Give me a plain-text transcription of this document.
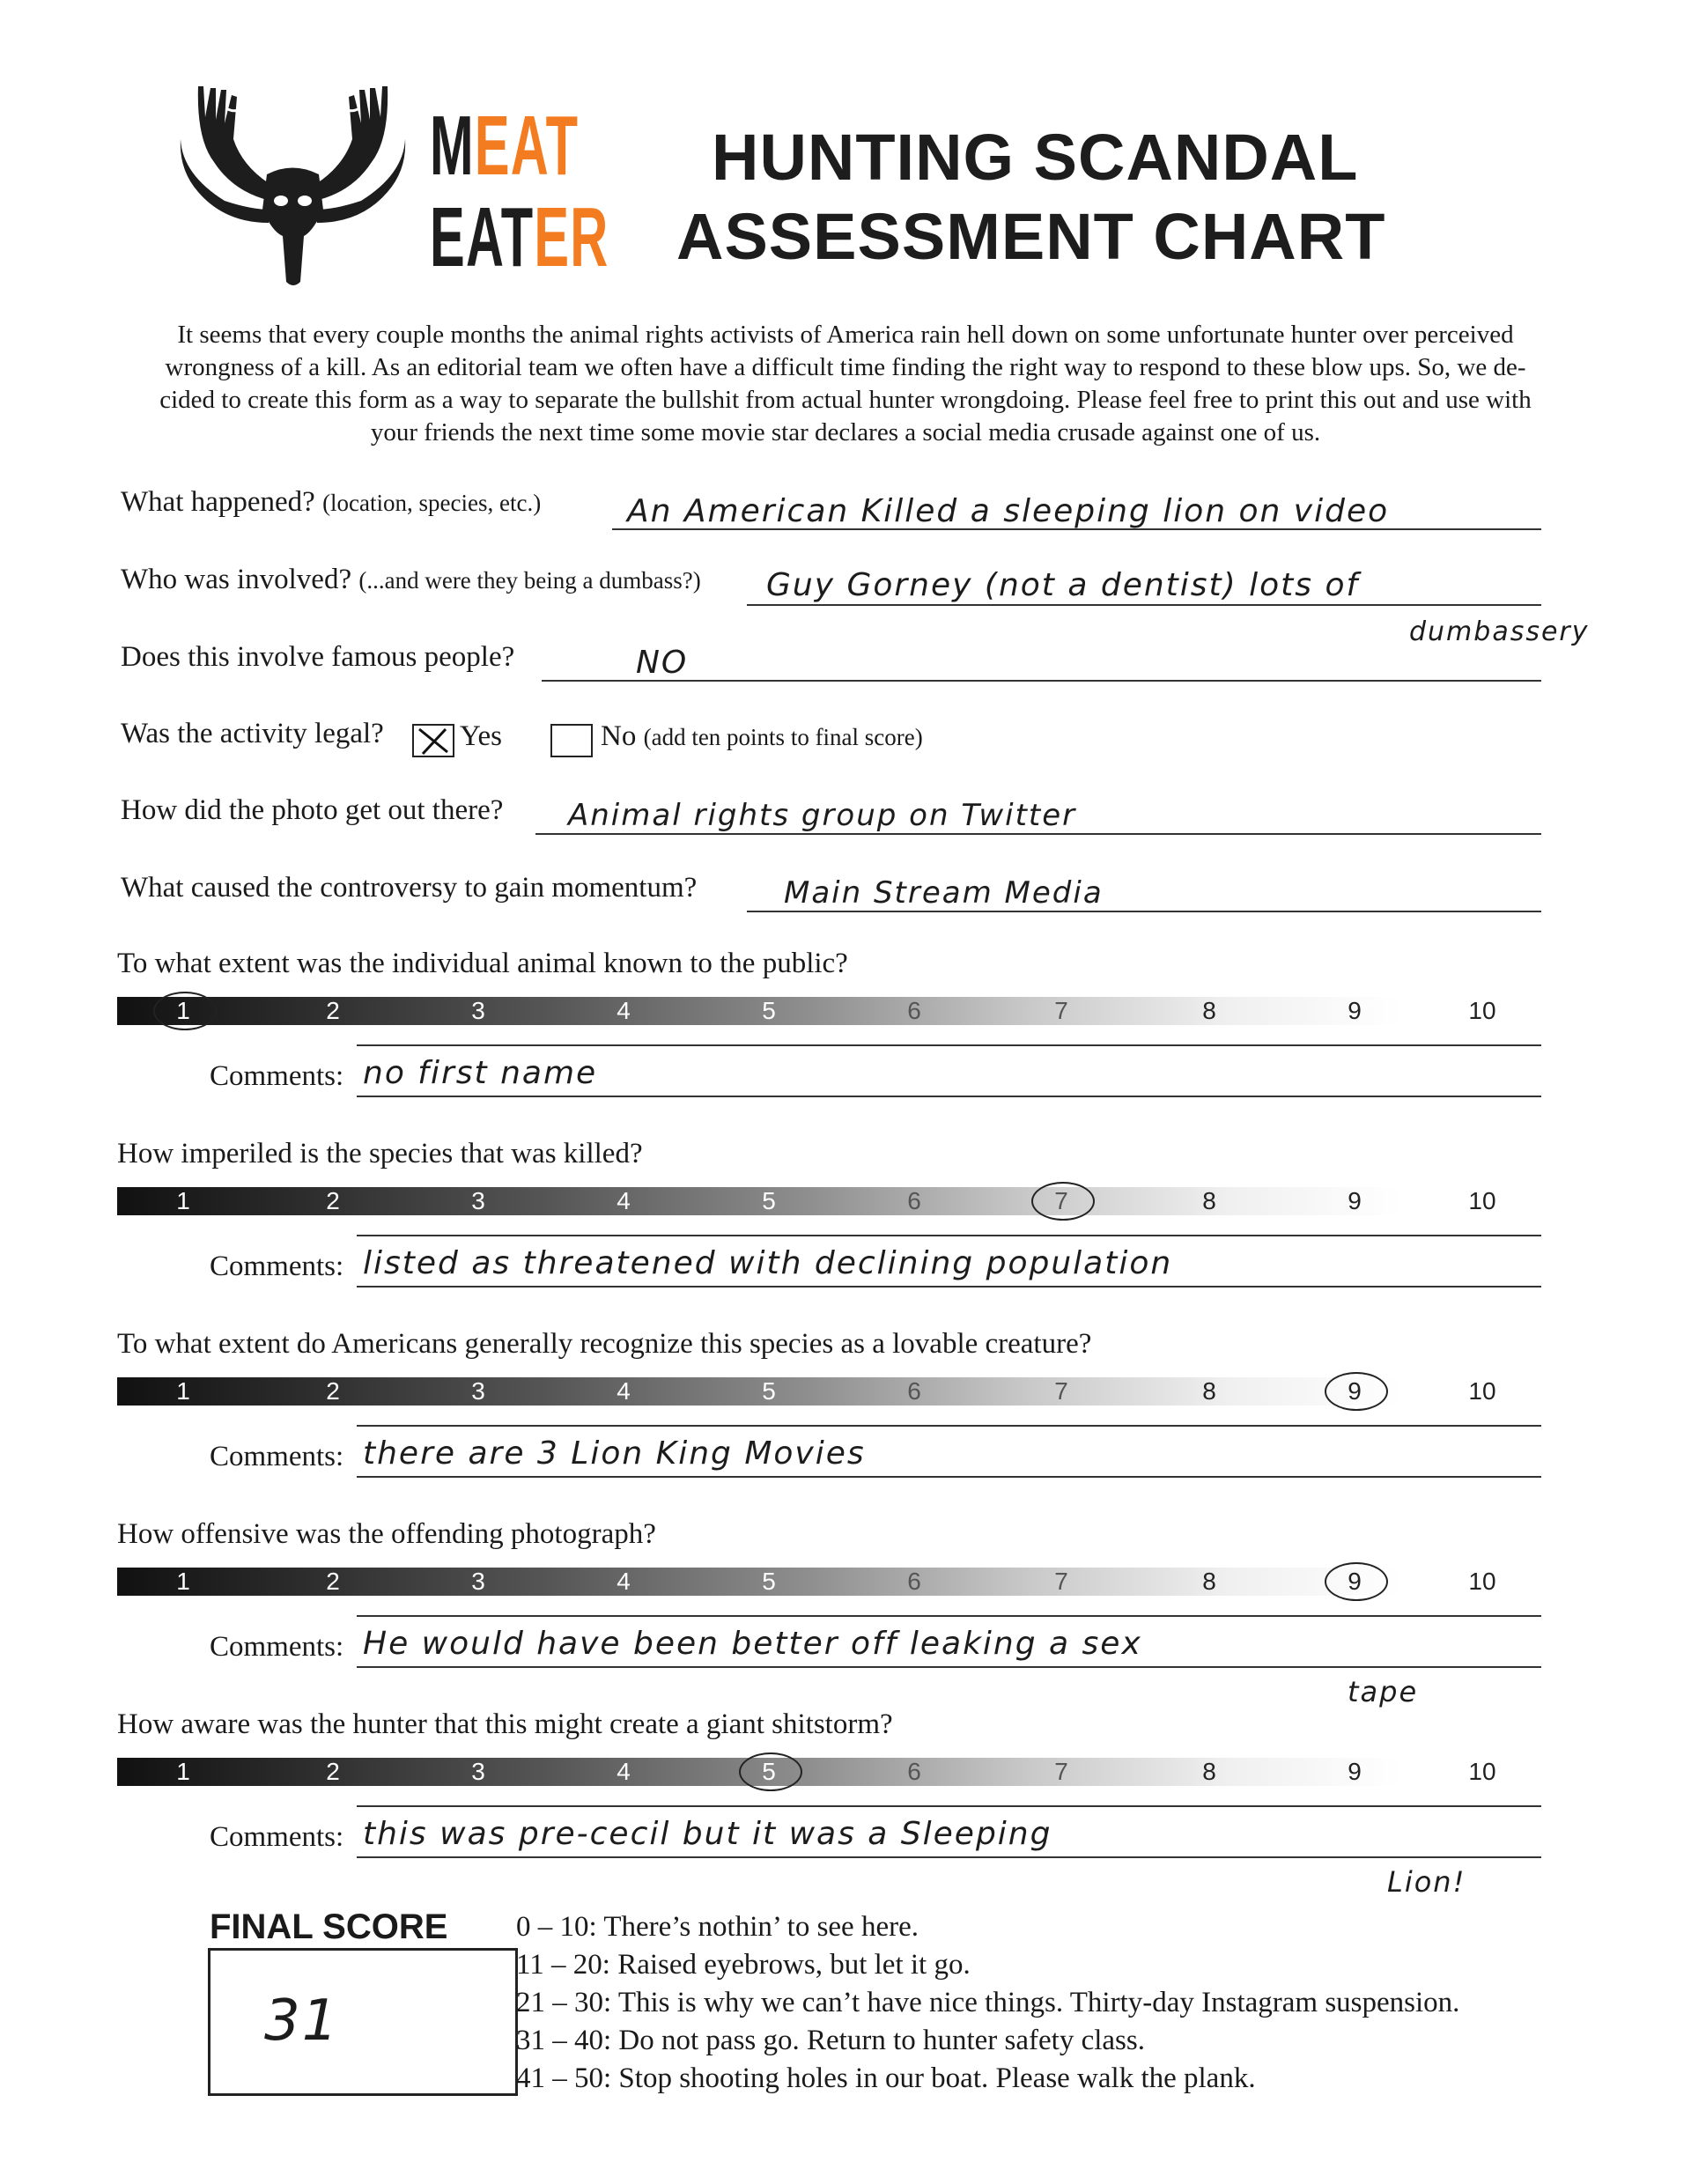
MEAT
EATER
HUNTING SCANDAL
ASSESSMENT CHART
It seems that every couple months the animal rights activists of America rain hell down on some unfortunate hunter over perceived
wrongness of a kill. As an editorial team we often have a difficult time finding the right way to respond to these blow ups. So, we de-
cided to create this form as a way to separate the bullshit from actual hunter wrongdoing. Please feel free to print this out and use with
your friends the next time some movie star declares a social media crusade against one of us.
What happened? (location, species, etc.)	An American Killed a sleeping lion on video
Who was involved? (...and were they being a dumbass?) Guy Gorney (not a dentist) lots of
dumbassery
Does this involve famous people?	NO
Was the activity legal?	Yes	No (add ten points to final score)
How did the photo get out there? Animal rights group on Twitter
What caused the controversy to gain momentum?	Main Stream Media
To what extent was the individual animal known to the public?
1	2	3	4	5	6	7	8	9	10
Comments: no first name
How imperiled is the species that was killed?
1	2	3	4	5	6	7	8	9	10
Comments: listed as threatened with declining population
To what extent do Americans generally recognize this species as a lovable creature?
1	2	3	4	5	6	7	8	9	10
Comments: there are 3 Lion King Movies
How offensive was the offending photograph?
1	2	3	4	5	6	7	8	9	10
Comments: He would have been better off leaking a sex
tape
How aware was the hunter that this might create a giant shitstorm?
1	2	3	4	5	6	7	8	9	10
Comments: this was pre-cecil but it was a Sleeping
Lion!
FINAL SCORE
31
0 – 10: There’s nothin’ to see here.
11 – 20: Raised eyebrows, but let it go.
21 – 30: This is why we can’t have nice things. Thirty-day Instagram suspension.
31 – 40: Do not pass go. Return to hunter safety class.
41 – 50: Stop shooting holes in our boat. Please walk the plank.
